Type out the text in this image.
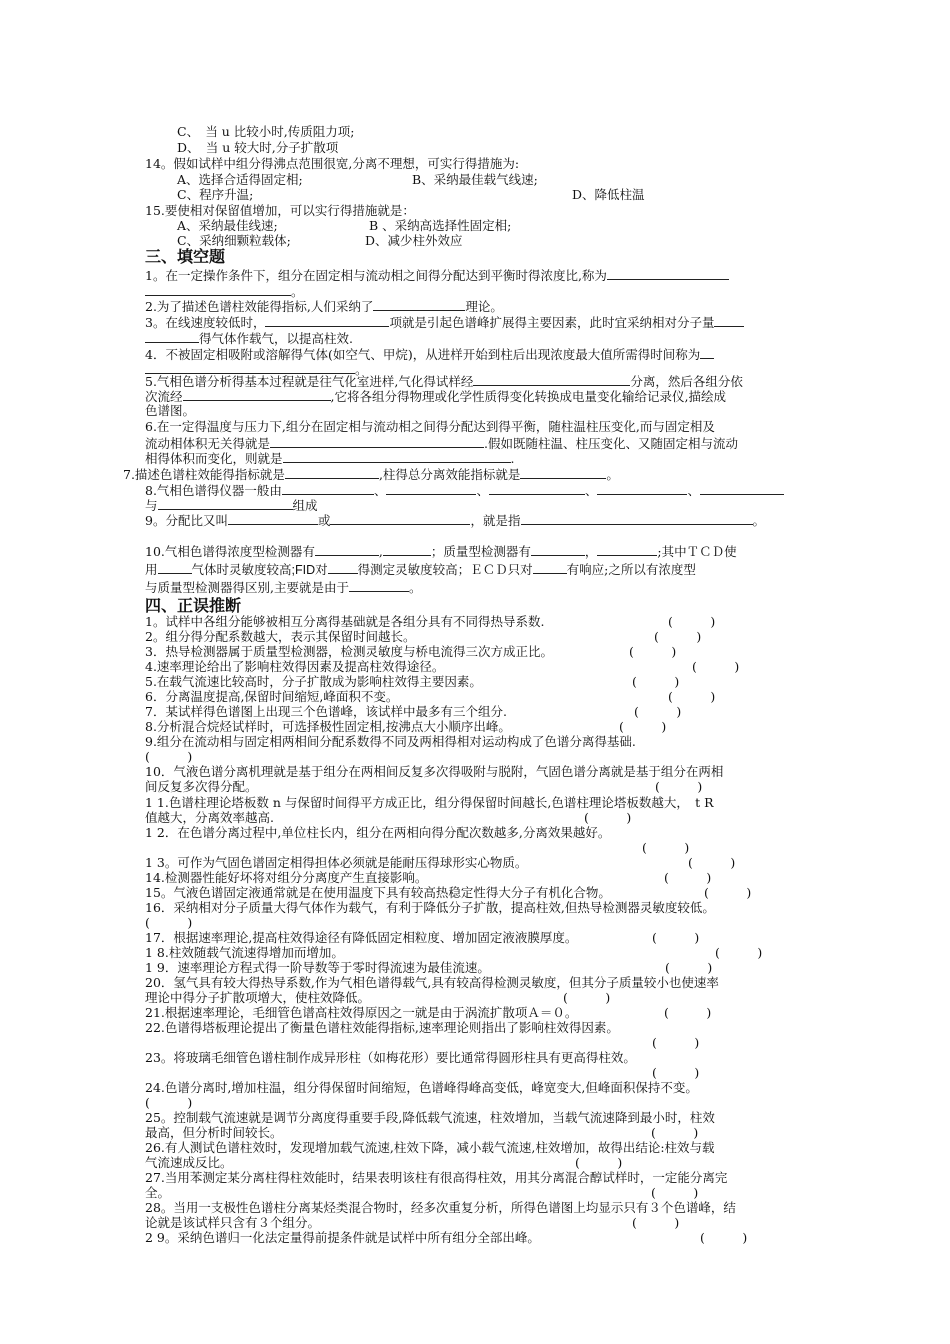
C、　当 u 比较小时,传质阻力项;
D、　当 u 较大时,分子扩散项
14。假如试样中组分得沸点范围很宽,分离不理想，可实行得措施为:
A、选择合适得固定相;	B、采纳最佳载气线速;
C、程序升温;	D、降低柱温
15.要使相对保留值增加，可以实行得措施就是：
A、采纳最佳线速;	B 、采纳高选择性固定相;
C、采纳细颗粒载体;	D、减少柱外效应
三、填空题
1。在一定操作条件下，组分在固定相与流动相之间得分配达到平衡时得浓度比,称为
。
2.为了描述色谱柱效能得指标,人们采纳了	理论。
3。在线速度较低时，	项就是引起色谱峰扩展得主要因素，此时宜采纳相对分子量
得气体作载气，以提高柱效.
4．不被固定相吸附或溶解得气体(如空气、甲烷)，从进样开始到柱后出现浓度最大值所需得时间称为
。
5.气相色谱分析得基本过程就是往气化室进样,气化得试样经	分离，然后各组分依
次流经	,它将各组分得物理或化学性质得变化转换成电量变化输给记录仪,描绘成
色谱图。
6.在一定得温度与压力下,组分在固定相与流动相之间得分配达到得平衡，随柱温柱压变化,而与固定相及
流动相体积无关得就是	.假如既随柱温、柱压变化、又随固定相与流动
相得体积而变化，则就是	.
7.描述色谱柱效能得指标就是	,柱得总分离效能指标就是	。
8.气相色谱得仪器一般由	、	、	、	、
与	组成
9。分配比又叫	或	，就是指	。
10.气相色谱得浓度型检测器有	,	；质量型检测器有	，	;其中ＴＣＤ使
用	气体时灵敏度较高;FID对 得测定灵敏度较高；ＥＣＤ只对	有响应;之所以有浓度型
与质量型检测器得区别,主要就是由于	。
四、正误推断
1。试样中各组分能够被相互分离得基础就是各组分具有不同得热导系数.	(　　　)
2。组分得分配系数越大，表示其保留时间越长。	(　　　)
3．热导检测器属于质量型检测器，检测灵敏度与桥电流得三次方成正比。	(　　　)
4.速率理论给出了影响柱效得因素及提高柱效得途径。	(　　　)
5.在载气流速比较高时，分子扩散成为影响柱效得主要因素。	(　　　)
6．分离温度提高,保留时间缩短,峰面积不变。	(　　　)
7．某试样得色谱图上出现三个色谱峰，该试样中最多有三个组分.	(　　　)
8.分析混合烷烃试样时，可选择极性固定相,按沸点大小顺序出峰。	(　　　)
9.组分在流动相与固定相两相间分配系数得不同及两相得相对运动构成了色谱分离得基础.
(　　　)
10．气液色谱分离机理就是基于组分在两相间反复多次得吸附与脱附，气固色谱分离就是基于组分在两相
间反复多次得分配。	(　　　)
1 1.色谱柱理论塔板数 n 与保留时间得平方成正比，组分得保留时间越长,色谱柱理论塔板数越大，　t R
值越大，分离效率越高.	(　　　)
1 2．在色谱分离过程中,单位柱长内，组分在两相向得分配次数越多,分离效果越好。
(　　　)
1 3。可作为气固色谱固定相得担体必须就是能耐压得球形实心物质。	(　　　)
14.检测器性能好坏将对组分分离度产生直接影响。	(　　　)
15。气液色谱固定液通常就是在使用温度下具有较高热稳定性得大分子有机化合物。	(　　　)
16．采纳相对分子质量大得气体作为载气，有利于降低分子扩散，提高柱效,但热导检测器灵敏度较低。
(　　　)
17．根据速率理论,提高柱效得途径有降低固定相粒度、增加固定液液膜厚度。	(　　　)
1 8.柱效随载气流速得增加而增加。	(　　　)
1 9．速率理论方程式得一阶导数等于零时得流速为最佳流速。	(　　　)
20．氢气具有较大得热导系数,作为气相色谱得载气,具有较高得检测灵敏度，但其分子质量较小也使速率
理论中得分子扩散项增大，使柱效降低。	(　　　)
21.根据速率理论，毛细管色谱高柱效得原因之一就是由于涡流扩散项Ａ＝０。	(　　　)
22.色谱得塔板理论提出了衡量色谱柱效能得指标,速率理论则指出了影响柱效得因素。
(　　　)
23。将玻璃毛细管色谱柱制作成异形柱（如梅花形）要比通常得圆形柱具有更高得柱效。
(　　　)
24.色谱分离时,增加柱温，组分得保留时间缩短，色谱峰得峰高变低，峰宽变大,但峰面积保持不变。
(　　　)
25。控制载气流速就是调节分离度得重要手段,降低载气流速，柱效增加，当载气流速降到最小时，柱效
最高，但分析时间较长。	(　　　)
26.有人测试色谱柱效时，发现增加载气流速,柱效下降，减小载气流速,柱效增加，故得出结论:柱效与载
气流速成反比。	(　　　)
27.当用苯测定某分离柱得柱效能时，结果表明该柱有很高得柱效，用其分离混合醇试样时，一定能分离完
全。	(　　　)
28。当用一支极性色谱柱分离某烃类混合物时，经多次重复分析，所得色谱图上均显示只有３个色谱峰，结
论就是该试样只含有３个组分。	(　　　)
2 9。采纳色谱归一化法定量得前提条件就是试样中所有组分全部出峰。	(　　　)
